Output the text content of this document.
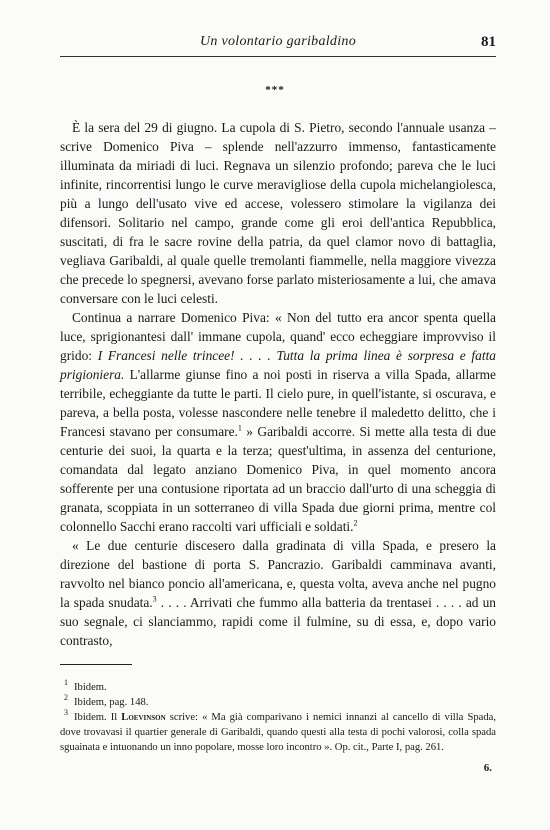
Un volontario garibaldino	81
***

È la sera del 29 di giugno. La cupola di S. Pietro, secondo l'annuale usanza – scrive Domenico Piva – splende nell'azzurro immenso, fantasticamente illuminata da miriadi di luci. Regnava un silenzio profondo; pareva che le luci infinite, rincorrentisi lungo le curve meravigliose della cupola michelangiolesca, più a lungo dell'usato vive ed accese, volessero stimolare la vigilanza dei difensori. Solitario nel campo, grande come gli eroi dell'antica Repubblica, suscitati, di fra le sacre rovine della patria, da quel clamor novo di battaglia, vegliava Garibaldi, al quale quelle tremolanti fiammelle, nella maggiore vivezza che precede lo spegnersi, avevano forse parlato misteriosamente a lui, che amava conversare con le luci celesti.

Continua a narrare Domenico Piva: « Non del tutto era ancor spenta quella luce, sprigionantesi dall' immane cupola, quand' ecco echeggiare improvviso il grido: I Francesi nelle trincee! . . . . Tutta la prima linea è sorpresa e fatta prigioniera. L'allarme giunse fino a noi posti in riserva a villa Spada, allarme terribile, echeggiante da tutte le parti. Il cielo pure, in quell'istante, si oscurava, e pareva, a bella posta, volesse nascondere nelle tenebre il maledetto delitto, che i Francesi stavano per consumare.$^1$ » Garibaldi accorre. Si mette alla testa di due centurie dei suoi, la quarta e la terza; quest'ultima, in assenza del centurione, comandata dal legato anziano Domenico Piva, in quel momento ancora sofferente per una contusione riportata ad un braccio dall'urto di una scheggia di granata, scoppiata in un sotterraneo di villa Spada due giorni prima, mentre col colonnello Sacchi erano raccolti vari ufficiali e soldati.$^2$

« Le due centurie discesero dalla gradinata di villa Spada, e presero la direzione del bastione di porta S. Pancrazio. Garibaldi camminava avanti, ravvolto nel bianco poncio all'americana, e, questa volta, aveva anche nel pugno la spada snudata.$^3$ . . . . Arrivati che fummo alla batteria da trentasei . . . . ad un suo segnale, ci slanciammo, rapidi come il fulmine, su di essa, e, dopo vario contrasto,

$^1$ Ibidem.

$^2$ Ibidem, pag. 148.

$^3$ Ibidem. Il Loevinson scrive: « Ma già comparivano i nemici innanzi al cancello di villa Spada, dove trovavasi il quartier generale di Garibaldi, quando questi alla testa di pochi valorosi, colla spada sguainata e intuonando un inno popolare, mosse loro incontro ». Op. cit., Parte I, pag. 261.

6.
